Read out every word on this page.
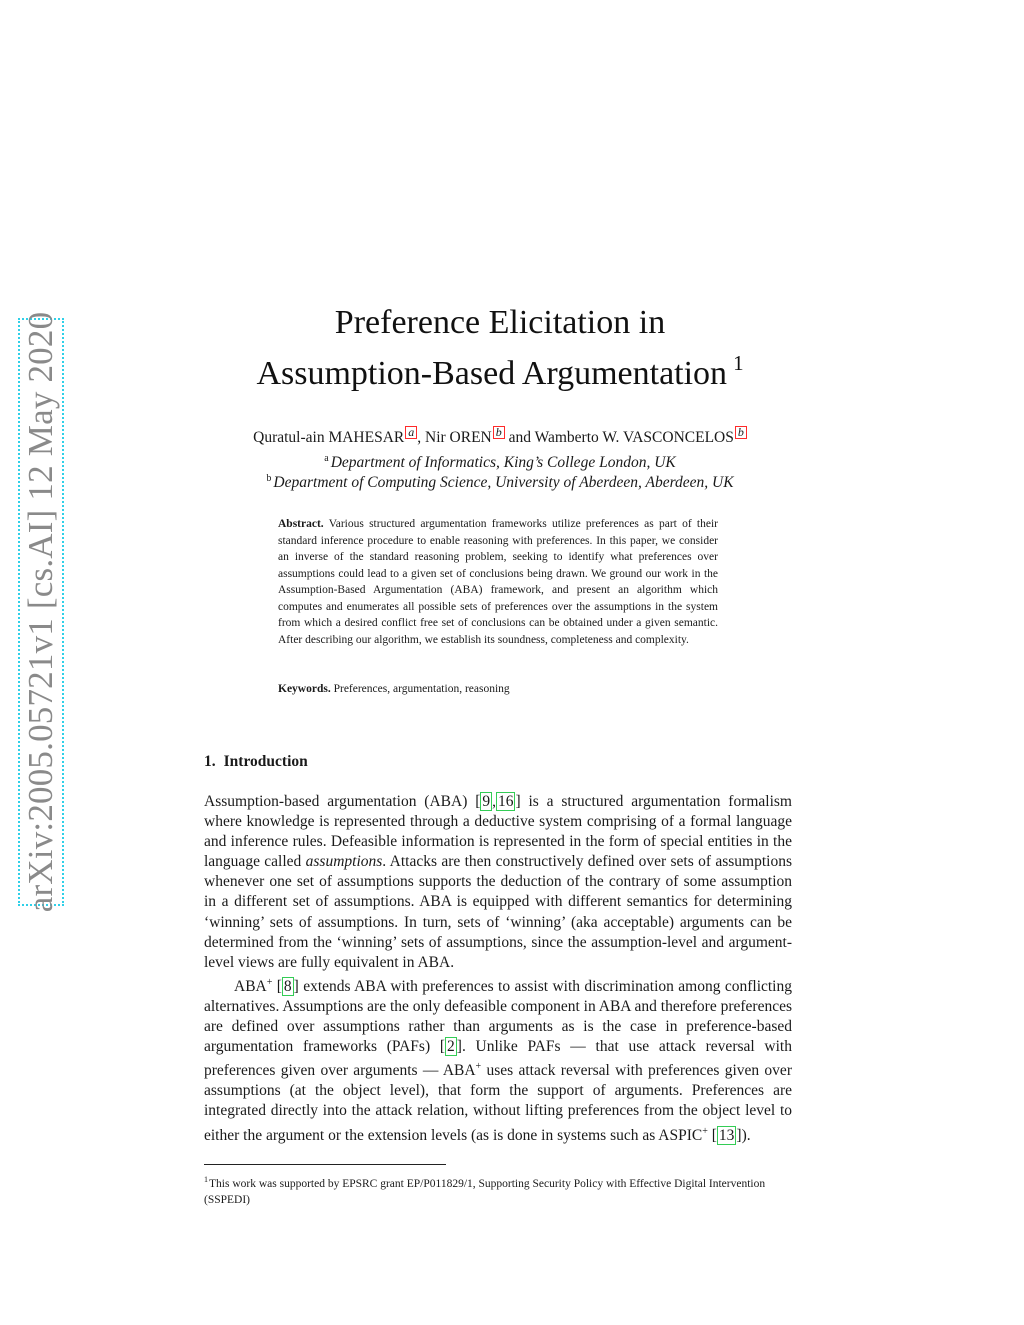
arXiv:2005.05721v1 [cs.AI] 12 May 2020	Preference Elicitation in
Assumption-Based Argumentation $^1$
Quratul-ain MAHESAR a , Nir OREN b and Wamberto W. VASCONCELOS b
$^a$ Department of Informatics, King’s College London, UK
$^b$ Department of Computing Science, University of Aberdeen, Aberdeen, UK
Abstract. Various structured argumentation frameworks utilize preferences as part of their standard inference procedure to enable reasoning with preferences. In this paper, we consider an inverse of the standard reasoning problem, seeking to identify what preferences over assumptions could lead to a given set of conclusions being drawn. We ground our work in the Assumption-Based Argumentation (ABA) framework, and present an algorithm which computes and enumerates all possible sets of preferences over the assumptions in the system from which a desired conflict free set of conclusions can be obtained under a given semantic. After describing our algorithm, we establish its soundness, completeness and complexity.
Keywords. Preferences, argumentation, reasoning
1. Introduction

Assumption-based argumentation (ABA) [ 9 , 16 ] is a structured argumentation formalism where knowledge is represented through a deductive system comprising of a formal language and inference rules. Defeasible information is represented in the form of special entities in the language called assumptions. Attacks are then constructively defined over sets of assumptions whenever one set of assumptions supports the deduction of the contrary of some assumption in a different set of assumptions. ABA is equipped with different semantics for determining ‘winning’ sets of assumptions. In turn, sets of ‘winning’ (aka acceptable) arguments can be determined from the ‘winning’ sets of assumptions, since the assumption-level and argument-level views are fully equivalent in ABA.

ABA+ [ 8 ] extends ABA with preferences to assist with discrimination among conflicting alternatives. Assumptions are the only defeasible component in ABA and therefore preferences are defined over assumptions rather than arguments as is the case in preference-based argumentation frameworks (PAFs) [ 2 ]. Unlike PAFs — that use attack reversal with preferences given over arguments — ABA+ uses attack reversal with preferences given over assumptions (at the object level), that form the support of arguments. Preferences are integrated directly into the attack relation, without lifting preferences from the object level to either the argument or the extension levels (as is done in systems such as ASPIC+ [ 13 ]).

$^1$This work was supported by EPSRC grant EP/P011829/1, Supporting Security Policy with Effective Digital Intervention (SSPEDI)
